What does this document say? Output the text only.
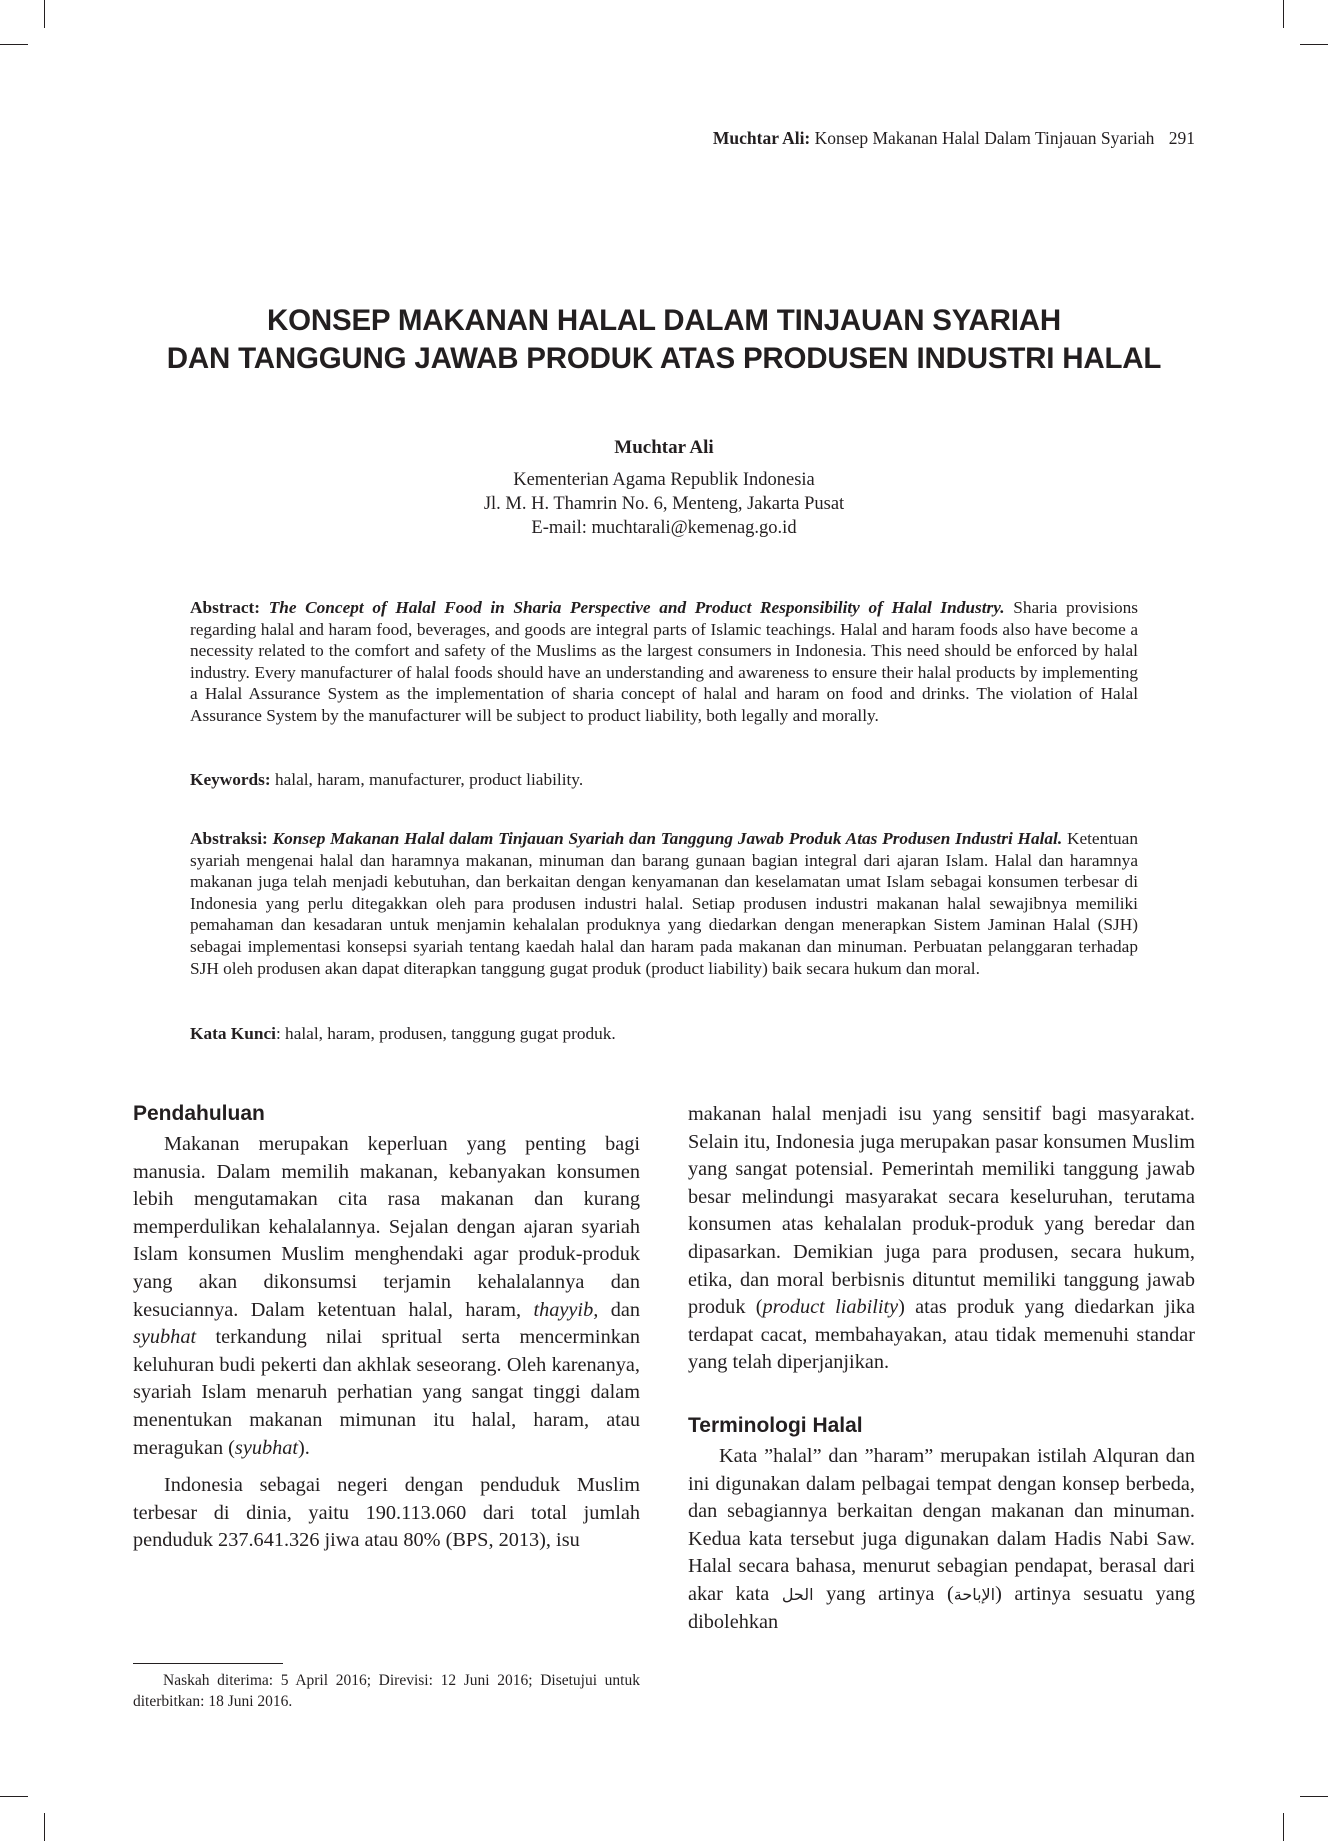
Muchtar Ali: Konsep Makanan Halal Dalam Tinjauan Syariah 291
KONSEP MAKANAN HALAL DALAM TINJAUAN SYARIAH
DAN TANGGUNG JAWAB PRODUK ATAS PRODUSEN INDUSTRI HALAL
Muchtar Ali
Kementerian Agama Republik Indonesia
Jl. M. H. Thamrin No. 6, Menteng, Jakarta Pusat
E-mail: muchtarali@kemenag.go.id
Abstract: The Concept of Halal Food in Sharia Perspective and Product Responsibility of Halal Industry. Sharia provisions regarding halal and haram food, beverages, and goods are integral parts of Islamic teachings. Halal and haram foods also have become a necessity related to the comfort and safety of the Muslims as the largest consumers in Indonesia. This need should be enforced by halal industry. Every manufacturer of halal foods should have an understanding and awareness to ensure their halal products by implementing a Halal Assurance System as the implementation of sharia concept of halal and haram on food and drinks. The violation of Halal Assurance System by the manufacturer will be subject to product liability, both legally and morally.
Keywords: halal, haram, manufacturer, product liability.
Abstraksi: Konsep Makanan Halal dalam Tinjauan Syariah dan Tanggung Jawab Produk Atas Produsen Industri Halal. Ketentuan syariah mengenai halal dan haramnya makanan, minuman dan barang gunaan bagian integral dari ajaran Islam. Halal dan haramnya makanan juga telah menjadi kebutuhan, dan berkaitan dengan kenyamanan dan keselamatan umat Islam sebagai konsumen terbesar di Indonesia yang perlu ditegakkan oleh para produsen industri halal. Setiap produsen industri makanan halal sewajibnya memiliki pemahaman dan kesadaran untuk menjamin kehalalan produknya yang diedarkan dengan menerapkan Sistem Jaminan Halal (SJH) sebagai implementasi konsepsi syariah tentang kaedah halal dan haram pada makanan dan minuman. Perbuatan pelanggaran terhadap SJH oleh produsen akan dapat diterapkan tanggung gugat produk (product liability) baik secara hukum dan moral.
Kata Kunci: halal, haram, produsen, tanggung gugat produk.
Pendahuluan

Makanan merupakan keperluan yang penting bagi manusia. Dalam memilih makanan, kebanyakan konsumen lebih mengutamakan cita rasa makanan dan kurang memperdulikan kehalalannya. Sejalan dengan ajaran syariah Islam konsumen Muslim menghendaki agar produk-produk yang akan dikonsumsi terjamin kehalalannya dan kesuciannya. Dalam ketentuan halal, haram, thayyib, dan syubhat terkandung nilai spritual serta mencerminkan keluhuran budi pekerti dan akhlak seseorang. Oleh karenanya, syariah Islam menaruh perhatian yang sangat tinggi dalam menentukan makanan mimunan itu halal, haram, atau meragukan (syubhat).

Indonesia sebagai negeri dengan penduduk Muslim terbesar di dinia, yaitu 190.113.060 dari total jumlah penduduk 237.641.326 jiwa atau 80% (BPS, 2013), isu

Naskah diterima: 5 April 2016; Direvisi: 12 Juni 2016; Disetujui untuk diterbitkan: 18 Juni 2016.

makanan halal menjadi isu yang sensitif bagi masyarakat. Selain itu, Indonesia juga merupakan pasar konsumen Muslim yang sangat potensial. Pemerintah memiliki tanggung jawab besar melindungi masyarakat secara keseluruhan, terutama konsumen atas kehalalan produk-produk yang beredar dan dipasarkan. Demikian juga para produsen, secara hukum, etika, dan moral berbisnis dituntut memiliki tanggung jawab produk (product liability) atas produk yang diedarkan jika terdapat cacat, membahayakan, atau tidak memenuhi standar yang telah diperjanjikan.

Terminologi Halal

Kata ”halal” dan ”haram” merupakan istilah Alquran dan ini digunakan dalam pelbagai tempat dengan konsep berbeda, dan sebagiannya berkaitan dengan makanan dan minuman. Kedua kata tersebut juga digunakan dalam Hadis Nabi Saw. Halal secara bahasa, menurut sebagian pendapat, berasal dari akar kata الحل yang artinya (الإباحة) artinya sesuatu yang dibolehkan
